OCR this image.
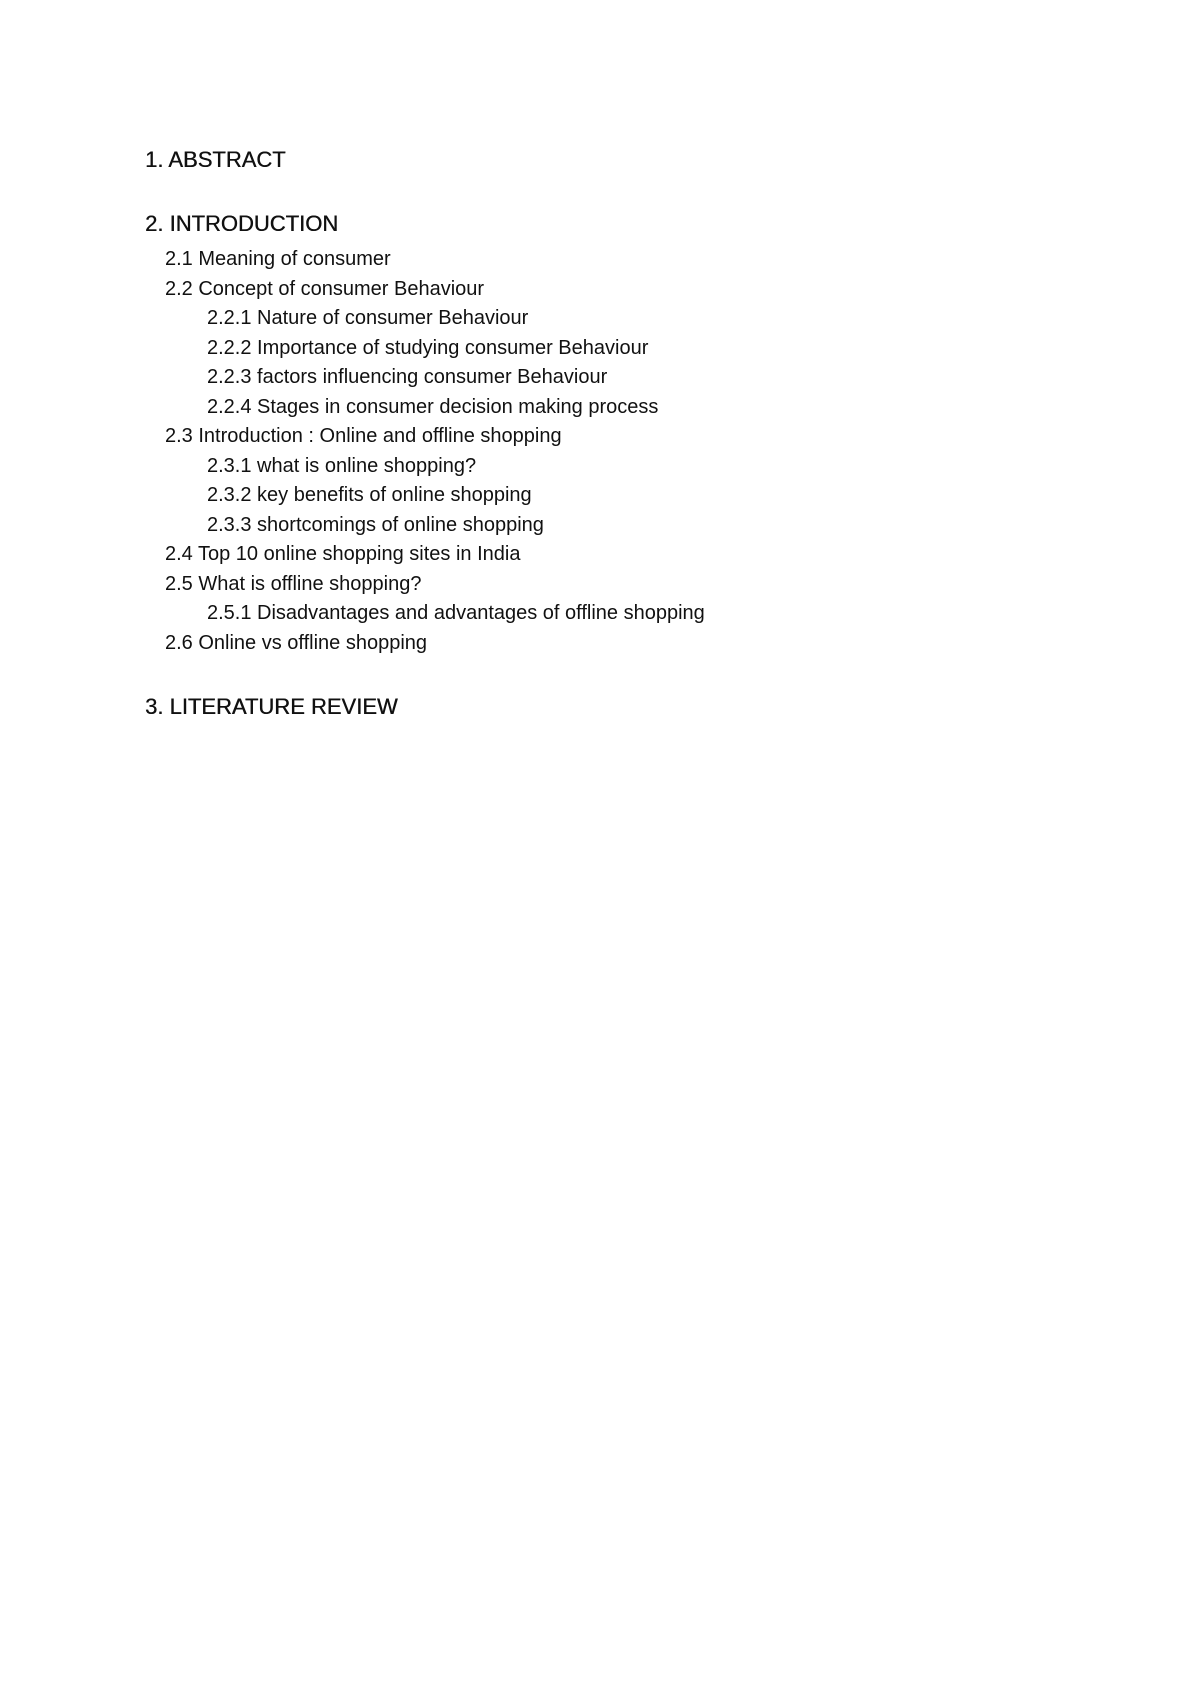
1. ABSTRACT
2. INTRODUCTION
2.1 Meaning of consumer
2.2 Concept of consumer Behaviour
2.2.1 Nature of consumer Behaviour
2.2.2 Importance of studying consumer Behaviour
2.2.3 factors influencing consumer Behaviour
2.2.4 Stages in consumer decision making process
2.3 Introduction : Online and offline shopping
2.3.1 what is online shopping?
2.3.2 key benefits of online shopping
2.3.3 shortcomings of online shopping
2.4 Top 10 online shopping sites in India
2.5 What is offline shopping?
2.5.1 Disadvantages and advantages of offline shopping
2.6 Online vs offline shopping
3. LITERATURE REVIEW
